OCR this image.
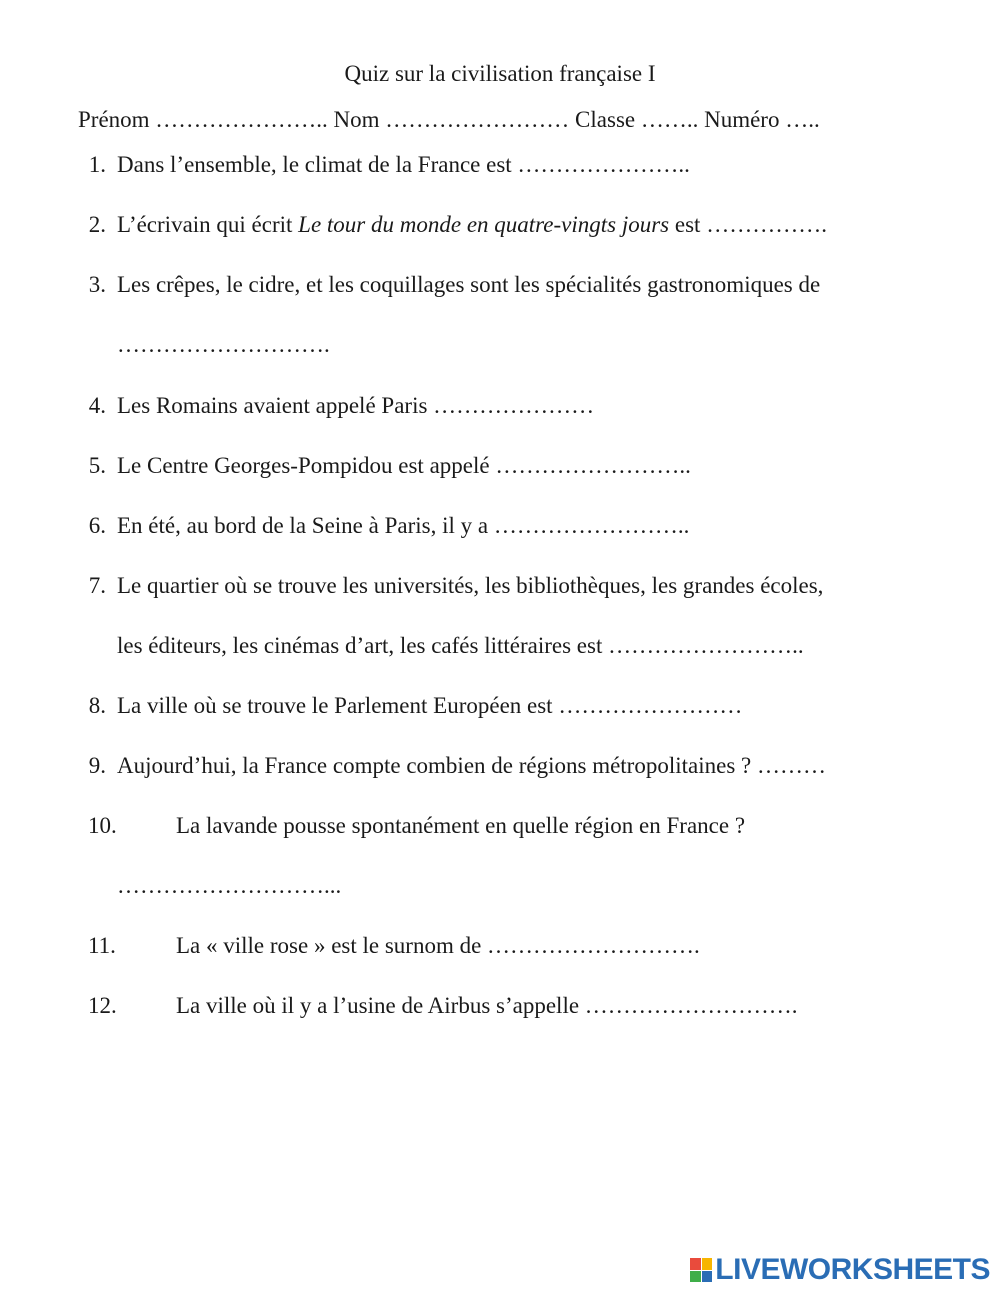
Quiz sur la civilisation française I
Prénom ………………….. Nom …………………… Classe …….. Numéro …..
1. Dans l’ensemble, le climat de la France est …………………..
2. L’écrivain qui écrit Le tour du monde en quatre-vingts jours est …………….
3. Les crêpes, le cidre, et les coquillages sont les spécialités gastronomiques de
……………………….
4. Les Romains avaient appelé Paris …………………
5. Le Centre Georges-Pompidou est appelé ……………………..
6. En été, au bord de la Seine à Paris, il y a ……………………..
7. Le quartier où se trouve les universités, les bibliothèques, les grandes écoles,
les éditeurs, les cinémas d’art, les cafés littéraires est ……………………..
8. La ville où se trouve le Parlement Européen est ……………………
9. Aujourd’hui, la France compte combien de régions métropolitaines ? ………
10.	La lavande pousse spontanément en quelle région en France ?
………………………...
11.	La « ville rose » est le surnom de ……………………….
12.	La ville où il y a l’usine de Airbus s’appelle ……………………….
LIVEWORKSHEETS
